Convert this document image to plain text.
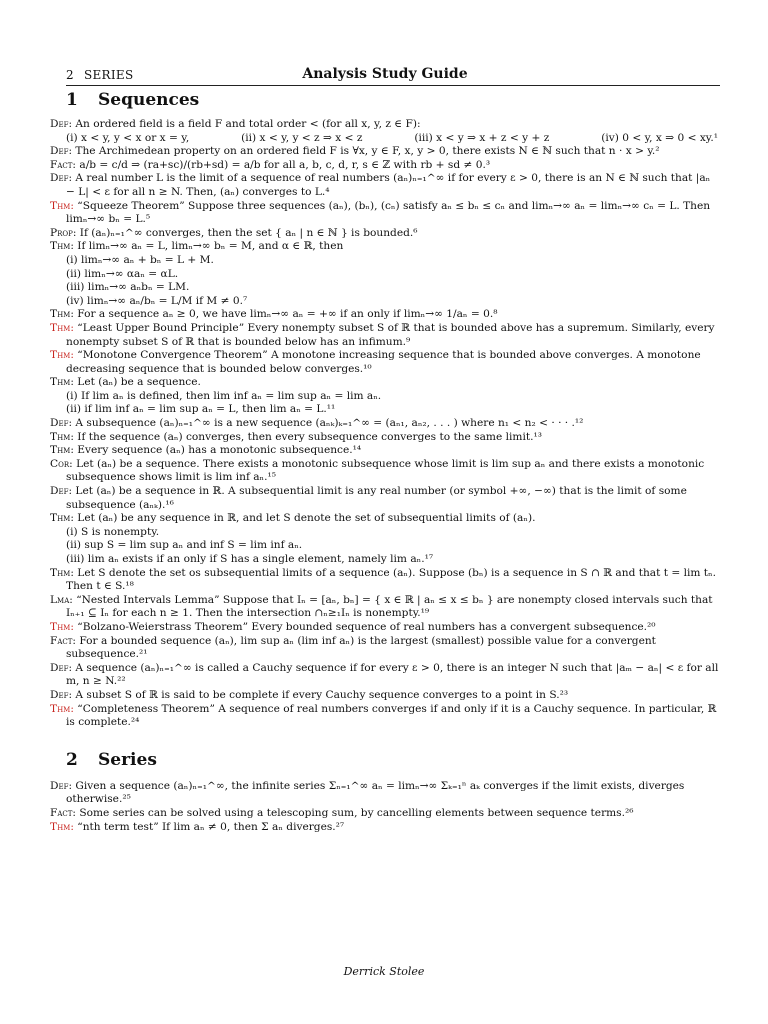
2 SERIES	Analysis Study Guide
1 Sequences

Def: An ordered field is a field F and total order < (for all x, y, z ∈ F):

(i) x < y, y < x or x = y,	(ii) x < y, y < z ⇒ x < z	(iii) x < y ⇒ x + z < y + z	(iv) 0 < y, x ⇒ 0 < xy.¹

Def: The Archimedean property on an ordered field F is ∀x, y ∈ F, x, y > 0, there exists N ∈ ℕ such that n · x > y.²

Fact: a/b = c/d ⇒ (ra+sc)/(rb+sd) = a/b for all a, b, c, d, r, s ∈ ℤ with rb + sd ≠ 0.³

Def: A real number L is the limit of a sequence of real numbers (aₙ)ₙ₌₁^∞ if for every ε > 0, there is an N ∈ ℕ such that |aₙ − L| < ε for all n ≥ N. Then, (aₙ) converges to L.⁴

Thm: “Squeeze Theorem” Suppose three sequences (aₙ), (bₙ), (cₙ) satisfy aₙ ≤ bₙ ≤ cₙ and limₙ→∞ aₙ = limₙ→∞ cₙ = L. Then limₙ→∞ bₙ = L.⁵

Prop: If (aₙ)ₙ₌₁^∞ converges, then the set { aₙ | n ∈ ℕ } is bounded.⁶

Thm: If limₙ→∞ aₙ = L, limₙ→∞ bₙ = M, and α ∈ ℝ, then

(i) limₙ→∞ aₙ + bₙ = L + M.

(ii) limₙ→∞ αaₙ = αL.

(iii) limₙ→∞ aₙbₙ = LM.

(iv) limₙ→∞ aₙ/bₙ = L/M if M ≠ 0.⁷

Thm: For a sequence aₙ ≥ 0, we have limₙ→∞ aₙ = +∞ if an only if limₙ→∞ 1/aₙ = 0.⁸

Thm: “Least Upper Bound Principle” Every nonempty subset S of ℝ that is bounded above has a supremum. Similarly, every nonempty subset S of ℝ that is bounded below has an infimum.⁹

Thm: “Monotone Convergence Theorem” A monotone increasing sequence that is bounded above converges. A monotone decreasing sequence that is bounded below converges.¹⁰

Thm: Let (aₙ) be a sequence.

(i) If lim aₙ is defined, then lim inf aₙ = lim sup aₙ = lim aₙ.

(ii) if lim inf aₙ = lim sup aₙ = L, then lim aₙ = L.¹¹

Def: A subsequence (aₙ)ₙ₌₁^∞ is a new sequence (aₙₖ)ₖ₌₁^∞ = (aₙ₁, aₙ₂, . . . ) where n₁ < n₂ < · · · .¹²

Thm: If the sequence (aₙ) converges, then every subsequence converges to the same limit.¹³

Thm: Every sequence (aₙ) has a monotonic subsequence.¹⁴

Cor: Let (aₙ) be a sequence. There exists a monotonic subsequence whose limit is lim sup aₙ and there exists a monotonic subsequence shows limit is lim inf aₙ.¹⁵

Def: Let (aₙ) be a sequence in ℝ. A subsequential limit is any real number (or symbol +∞, −∞) that is the limit of some subsequence (aₙₖ).¹⁶

Thm: Let (aₙ) be any sequence in ℝ, and let S denote the set of subsequential limits of (aₙ).

(i) S is nonempty.

(ii) sup S = lim sup aₙ and inf S = lim inf aₙ.

(iii) lim aₙ exists if an only if S has a single element, namely lim aₙ.¹⁷

Thm: Let S denote the set os subsequential limits of a sequence (aₙ). Suppose (bₙ) is a sequence in S ∩ ℝ and that t = lim tₙ. Then t ∈ S.¹⁸

Lma: “Nested Intervals Lemma” Suppose that Iₙ = [aₙ, bₙ] = { x ∈ ℝ | aₙ ≤ x ≤ bₙ } are nonempty closed intervals such that Iₙ₊₁ ⊆ Iₙ for each n ≥ 1. Then the intersection ∩ₙ≥₁Iₙ is nonempty.¹⁹

Thm: “Bolzano-Weierstrass Theorem” Every bounded sequence of real numbers has a convergent subsequence.²⁰

Fact: For a bounded sequence (aₙ), lim sup aₙ (lim inf aₙ) is the largest (smallest) possible value for a convergent subsequence.²¹

Def: A sequence (aₙ)ₙ₌₁^∞ is called a Cauchy sequence if for every ε > 0, there is an integer N such that |aₘ − aₙ| < ε for all m, n ≥ N.²²

Def: A subset S of ℝ is said to be complete if every Cauchy sequence converges to a point in S.²³

Thm: “Completeness Theorem” A sequence of real numbers converges if and only if it is a Cauchy sequence. In particular, ℝ is complete.²⁴

2 Series

Def: Given a sequence (aₙ)ₙ₌₁^∞, the infinite series Σₙ₌₁^∞ aₙ = limₙ→∞ Σₖ₌₁ⁿ aₖ converges if the limit exists, diverges otherwise.²⁵

Fact: Some series can be solved using a telescoping sum, by cancelling elements between sequence terms.²⁶

Thm: “nth term test” If lim aₙ ≠ 0, then Σ aₙ diverges.²⁷

Derrick Stolee
